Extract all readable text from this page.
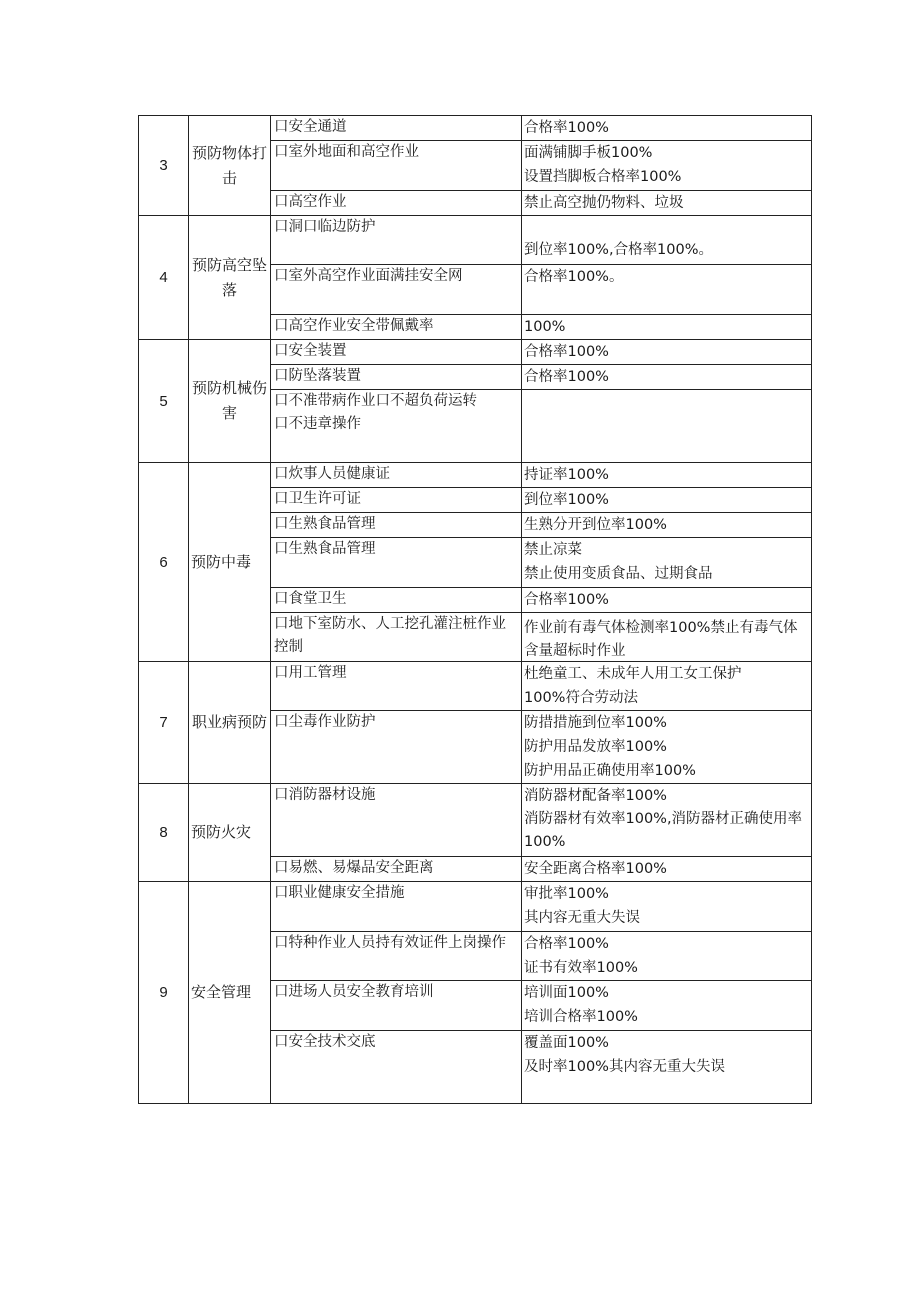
3	预防物体打击	口安全通道	合格率100%

		口室外地面和高空作业	面满铺脚手板100%
设置挡脚板合格率100%

		口高空作业	禁止高空抛仍物料、垃圾

4	预防高空坠落	口洞口临边防护	到位率100%,合格率100%。

		口室外高空作业面满挂安全网	合格率100%。

		口高空作业安全带佩戴率	100%

5	预防机械伤害	口安全装置	合格率100%

		口防坠落装置	合格率100%

		口不准带病作业口不超负荷运转
口不违章操作	

6	预防中毒	口炊事人员健康证	持证率100%

		口卫生许可证	到位率100%

		口生熟食品管理	生熟分开到位率100%

		口生熟食品管理	禁止凉菜
禁止使用变质食品、过期食品

		口食堂卫生	合格率100%

		口地下室防水、人工挖孔灌注桩作业控制	作业前有毒气体检测率100%禁止有毒气体含量超标时作业

7	职业病预防	口用工管理	杜绝童工、未成年人用工女工保护
100%符合劳动法

		口尘毒作业防护	防措措施到位率100%
防护用品发放率100%
防护用品正确使用率100%

8	预防火灾	口消防器材设施	消防器材配备率100%
消防器材有效率100%,消防器材正确使用率100%

		口易燃、易爆品安全距离	安全距离合格率100%

9	安全管理	口职业健康安全措施	审批率100%
其内容无重大失误

		口特种作业人员持有效证件上岗操作	合格率100%
证书有效率100%

		口进场人员安全教育培训	培训面100%
培训合格率100%

		口安全技术交底	覆盖面100%
及时率100%其内容无重大失误
